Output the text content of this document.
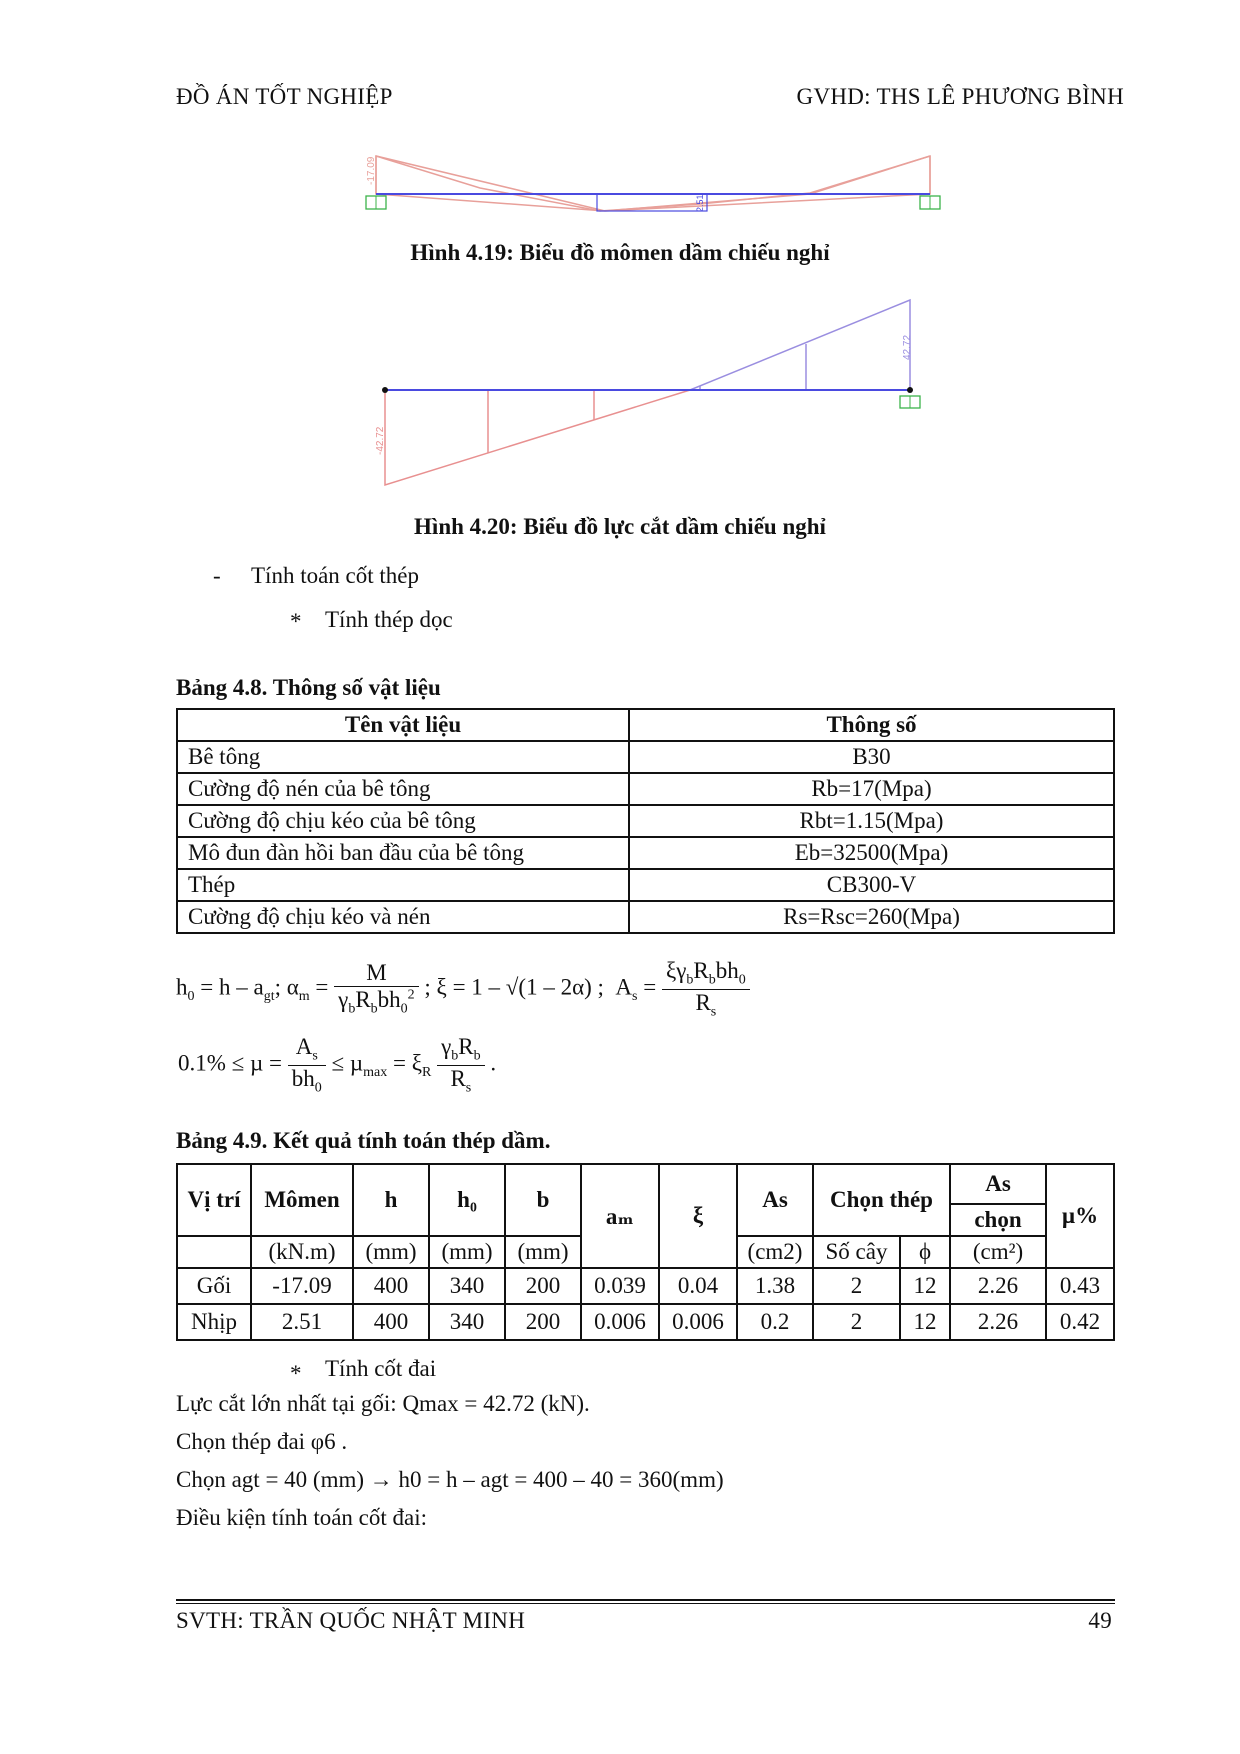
ĐỒ ÁN TỐT NGHIỆP	GVHD: THS LÊ PHƯƠNG BÌNH
-17.09
2.51
Hình 4.19: Biểu đồ mômen dầm chiếu nghỉ
-42.72
42.72
Hình 4.20: Biểu đồ lực cắt dầm chiếu nghỉ
- Tính toán cốt thép
* Tính thép dọc
Bảng 4.8. Thông số vật liệu
Tên vật liệu	Thông số
Bê tông	B30
Cường độ nén của bê tông	Rb=17(Mpa)
Cường độ chịu kéo của bê tông	Rbt=1.15(Mpa)
Mô đun đàn hồi ban đầu của bê tông	Eb=32500(Mpa)
Thép	CB300-V
Cường độ chịu kéo và nén	Rs=Rsc=260(Mpa)
$h_0 = h - a_{gt}$; $\alpha_m = \frac{M}{\gamma_bR_bbh_0^2}$ ; ξ = 1 – √(1 – 2α) ;  $A_s = \frac{\xi\gamma_bR_bbh_0}{R_s}$
$0.1\% \le \mu = \frac{A_s}{bh_0} \le \mu_{max} = \xi_R \frac{\gamma_bR_b}{R_s}$ .
Bảng 4.9. Kết quả tính toán thép dầm.
Vị trí	Mômen	h	h₀	b	aₘ	ξ	As	Chọn thép		As	µ%
										chọn	
	(kN.m)	(mm)	(mm)	(mm)			(cm2)	Số cây	ϕ	(cm²)	
Gối	-17.09	400	340	200	0.039	0.04	1.38	2	12	2.26	0.43
Nhịp	2.51	400	340	200	0.006	0.006	0.2	2	12	2.26	0.42
* Tính cốt đai
Lực cắt lớn nhất tại gối: Qmax = 42.72 (kN).
Chọn thép đai φ6 .
Chọn agt = 40 (mm) → h0 = h – agt = 400 – 40 = 360(mm)
Điều kiện tính toán cốt đai:
SVTH: TRẦN QUỐC NHẬT MINH	49
